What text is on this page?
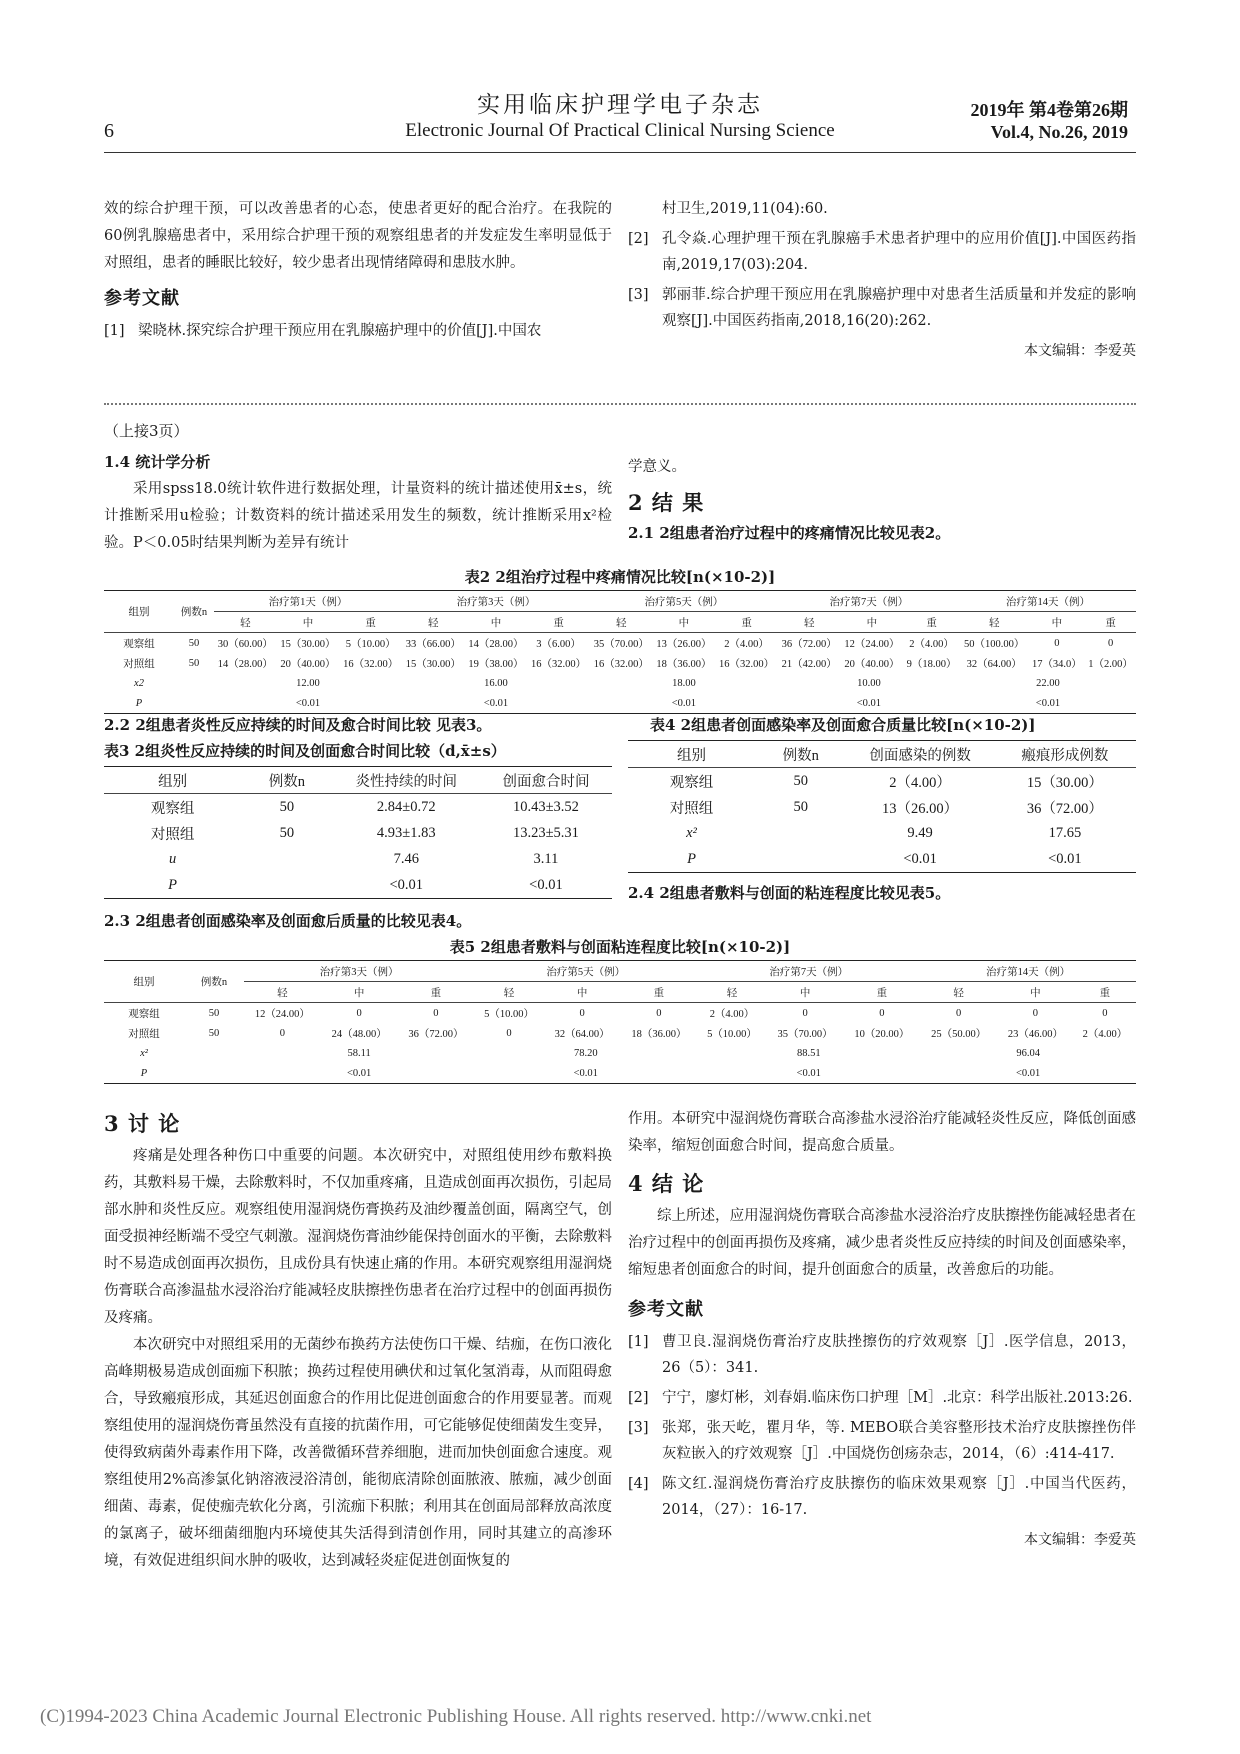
实用临床护理学电子杂志
Electronic Journal Of Practical Clinical Nursing Science
6
2019年 第4卷第26期
Vol.4, No.26, 2019

效的综合护理干预，可以改善患者的心态，使患者更好的配合治疗。在我院的60例乳腺癌患者中，采用综合护理干预的观察组患者的并发症发生率明显低于对照组，患者的睡眠比较好，较少患者出现情绪障碍和患肢水肿。

参考文献

[1] 梁晓林.探究综合护理干预应用在乳腺癌护理中的价值[J].中国农
村卫生,2019,11(04):60.
[2] 孔令焱.心理护理干预在乳腺癌手术患者护理中的应用价值[J].中国医药指南,2019,17(03):204.
[3] 郭丽菲.综合护理干预应用在乳腺癌护理中对患者生活质量和并发症的影响观察[J].中国医药指南,2018,16(20):262.
本文编辑：李爱英

（上接3页）

1.4 统计学分析

采用spss18.0统计软件进行数据处理，计量资料的统计描述使用x̄±s，统计推断采用u检验；计数资料的统计描述采用发生的频数，统计推断采用x²检验。P＜0.05时结果判断为差异有统计

学意义。

2 结 果

2.1 2组患者治疗过程中的疼痛情况比较见表2。

表2 2组治疗过程中疼痛情况比较[n(×10-2)]
组别	例数n	治疗第1天（例）			治疗第3天（例）			治疗第5天（例）			治疗第7天（例）			治疗第14天（例）		
		轻	中	重	轻	中	重	轻	中	重	轻	中	重	轻	中	重
观察组	50	30（60.00）	15（30.00）	5（10.00）	33（66.00）	14（28.00）	3（6.00）	35（70.00）	13（26.00）	2（4.00）	36（72.00）	12（24.00）	2（4.00）	50（100.00）	0	0
对照组	50	14（28.00）	20（40.00）	16（32.00）	15（30.00）	19（38.00）	16（32.00）	16（32.00）	18（36.00）	16（32.00）	21（42.00）	20（40.00）	9（18.00）	32（64.00）	17（34.0）	1（2.00）
x2		12.00			16.00			18.00			10.00			22.00		
P		<0.01			<0.01			<0.01			<0.01			<0.01		
2.2 2组患者炎性反应持续的时间及愈合时间比较 见表3。
表3 2组炎性反应持续的时间及创面愈合时间比较（d,x̄±s）
组别	例数n	炎性持续的时间	创面愈合时间
观察组	50	2.84±0.72	10.43±3.52
对照组	50	4.93±1.83	13.23±5.31
u		7.46	3.11
P		<0.01	<0.01
2.3 2组患者创面感染率及创面愈后质量的比较见表4。
表4 2组患者创面感染率及创面愈合质量比较[n(×10-2)]
组别	例数n	创面感染的例数	瘢痕形成例数
观察组	50	2（4.00）	15（30.00）
对照组	50	13（26.00）	36（72.00）
x²		9.49	17.65
P		<0.01	<0.01
2.4 2组患者敷料与创面的粘连程度比较见表5。
表5 2组患者敷料与创面粘连程度比较[n(×10-2)]
组别	例数n	治疗第3天（例）			治疗第5天（例）			治疗第7天（例）			治疗第14天（例）		
		轻	中	重	轻	中	重	轻	中	重	轻	中	重
观察组	50	12（24.00）	0	0	5（10.00）	0	0	2（4.00）	0	0	0	0	0
对照组	50	0	24（48.00）	36（72.00）	0	32（64.00）	18（36.00）	5（10.00）	35（70.00）	10（20.00）	25（50.00）	23（46.00）	2（4.00）
x²		58.11			78.20			88.51			96.04		
P		<0.01			<0.01			<0.01			<0.01		

3 讨 论

疼痛是处理各种伤口中重要的问题。本次研究中，对照组使用纱布敷料换药，其敷料易干燥，去除敷料时，不仅加重疼痛，且造成创面再次损伤，引起局部水肿和炎性反应。观察组使用湿润烧伤膏换药及油纱覆盖创面，隔离空气，创面受损神经断端不受空气刺激。湿润烧伤膏油纱能保持创面水的平衡，去除敷料时不易造成创面再次损伤，且成份具有快速止痛的作用。本研究观察组用湿润烧伤膏联合高渗温盐水浸浴治疗能减轻皮肤擦挫伤患者在治疗过程中的创面再损伤及疼痛。

本次研究中对照组采用的无菌纱布换药方法使伤口干燥、结痂，在伤口液化高峰期极易造成创面痂下积脓；换药过程使用碘伏和过氧化氢消毒，从而阻碍愈合，导致瘢痕形成，其延迟创面愈合的作用比促进创面愈合的作用要显著。而观察组使用的湿润烧伤膏虽然没有直接的抗菌作用，可它能够促使细菌发生变异，使得致病菌外毒素作用下降，改善微循环营养细胞，进而加快创面愈合速度。观察组使用2%高渗氯化钠溶液浸浴清创，能彻底清除创面脓液、脓痂，减少创面细菌、毒素，促使痂壳软化分离，引流痂下积脓；利用其在创面局部释放高浓度的氯离子，破坏细菌细胞内环境使其失活得到清创作用，同时其建立的高渗环境，有效促进组织间水肿的吸收，达到减轻炎症促进创面恢复的

作用。本研究中湿润烧伤膏联合高渗盐水浸浴治疗能减轻炎性反应，降低创面感染率，缩短创面愈合时间，提高愈合质量。

4 结 论

综上所述，应用湿润烧伤膏联合高渗盐水浸浴治疗皮肤擦挫伤能减轻患者在治疗过程中的创面再损伤及疼痛，减少患者炎性反应持续的时间及创面感染率，缩短患者创面愈合的时间，提升创面愈合的质量，改善愈后的功能。

参考文献

[1] 曹卫良.湿润烧伤膏治疗皮肤挫擦伤的疗效观察［J］.医学信息，2013，26（5）：341.
[2] 宁宁，廖灯彬，刘春娟.临床伤口护理［M］.北京：科学出版社.2013:26.
[3] 张郑，张天屹，瞿月华，等. MEBO联合美容整形技术治疗皮肤擦挫伤伴灰粒嵌入的疗效观察［J］.中国烧伤创疡杂志，2014，（6）:414-417.
[4] 陈文红.湿润烧伤膏治疗皮肤擦伤的临床效果观察［J］.中国当代医药，2014，（27）：16-17.
本文编辑：李爱英
(C)1994-2023 China Academic Journal Electronic Publishing House. All rights reserved. http://www.cnki.net
